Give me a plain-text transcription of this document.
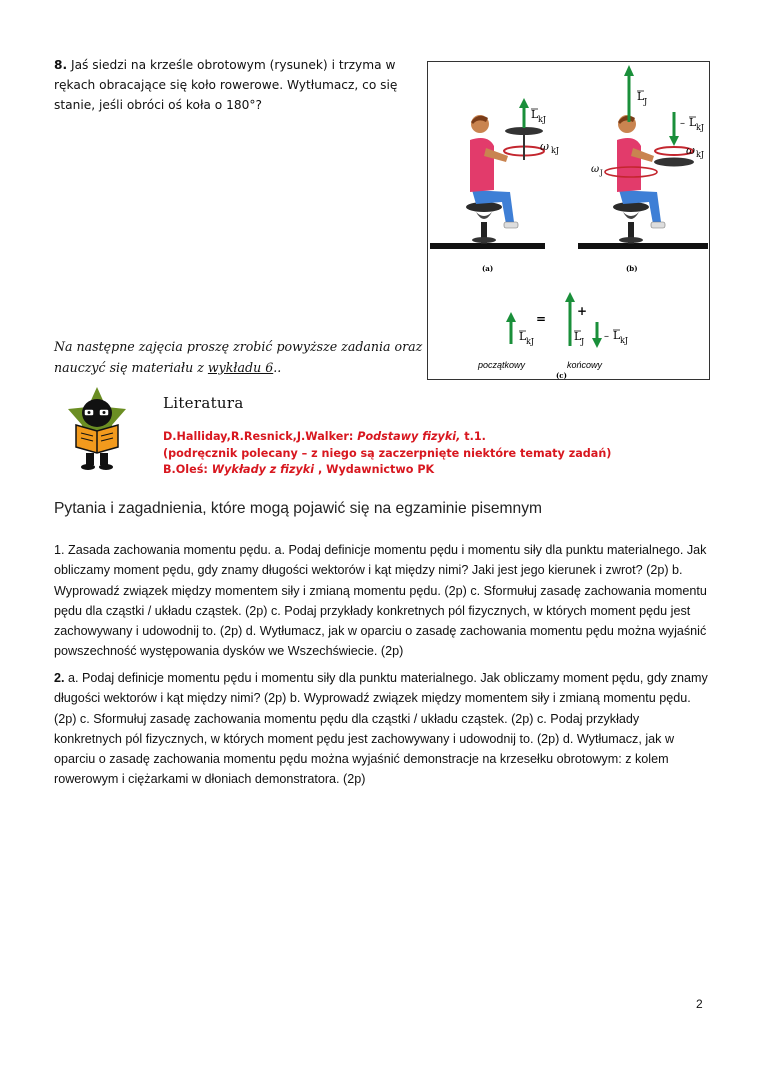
8. Jaś siedzi na krześle obrotowym (rysunek) i trzyma w rękach obracające się koło rowerowe. Wytłumacz, co się stanie, jeśli obróci oś koła o 180°?
L kJ
ω kJ
(a)
L J
– L kJ
ω kJ
ω J
(b)
L kJ
=
+
L J – L kJ
początkowy	końcowy
(c)
Na następne zajęcia proszę zrobić powyższe zadania oraz nauczyć się materiału z wykładu 6..
Literatura
D.Halliday,R.Resnick,J.Walker: Podstawy fizyki, t.1.
(podręcznik polecany – z niego są zaczerpnięte niektóre tematy zadań)
B.Oleś: Wykłady z fizyki , Wydawnictwo PK
Pytania i zagadnienia, które mogą pojawić się na egzaminie pisemnym
1. Zasada zachowania momentu pędu. a. Podaj definicje momentu pędu i momentu siły dla punktu materialnego. Jak obliczamy moment pędu, gdy znamy długości wektorów i kąt między nimi? Jaki jest jego kierunek i zwrot? (2p) b. Wyprowadź związek między momentem siły i zmianą momentu pędu. (2p) c. Sformułuj zasadę zachowania momentu pędu dla cząstki / układu cząstek. (2p) c. Podaj przykłady konkretnych pól fizycznych, w których moment pędu jest zachowywany i udowodnij to. (2p) d. Wytłumacz, jak w oparciu o zasadę zachowania momentu pędu można wyjaśnić powszechność występowania dysków we Wszechświecie. (2p)
2. a. Podaj definicje momentu pędu i momentu siły dla punktu materialnego. Jak obliczamy moment pędu, gdy znamy długości wektorów i kąt między nimi? (2p) b. Wyprowadź związek między momentem siły i zmianą momentu pędu. (2p) c. Sformułuj zasadę zachowania momentu pędu dla cząstki / układu cząstek. (2p) c. Podaj przykłady konkretnych pól fizycznych, w których moment pędu jest zachowywany i udowodnij to. (2p) d. Wytłumacz, jak w oparciu o zasadę zachowania momentu pędu można wyjaśnić demonstracje na krzesełku obrotowym: z kolem rowerowym i ciężarkami w dłoniach demonstratora. (2p)
2
